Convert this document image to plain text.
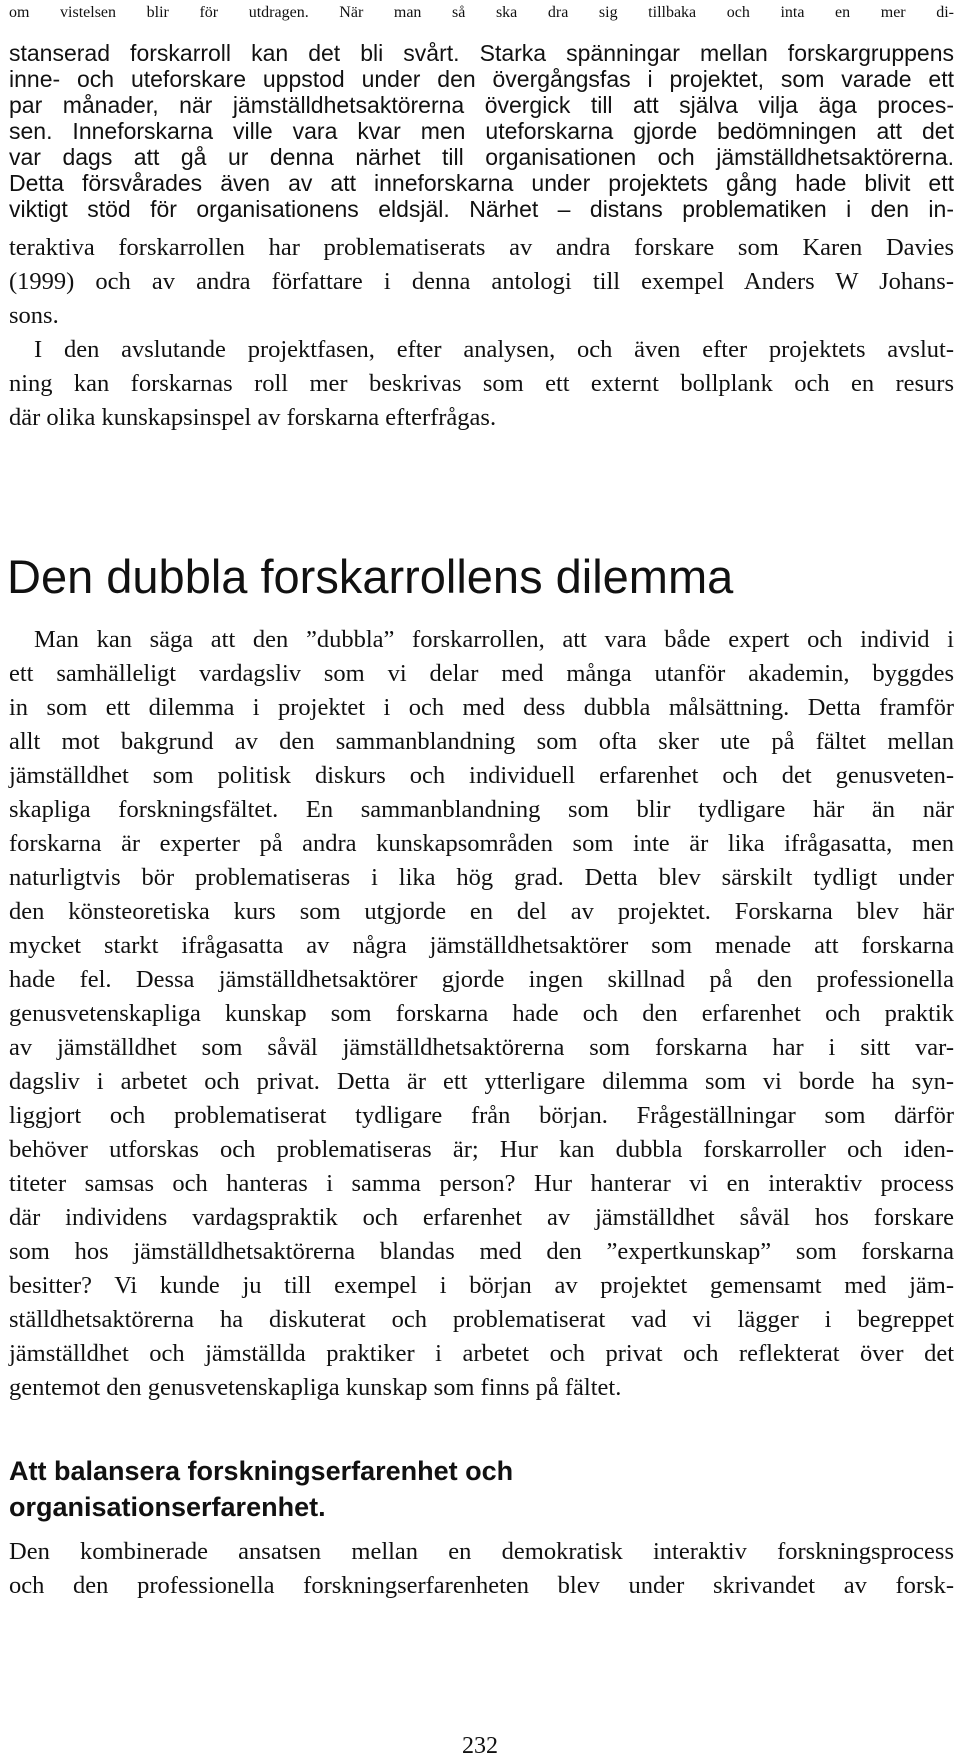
om vistelsen blir för utdragen. När man så ska dra sig tillbaka och inta en mer di-
stanserad forskarroll kan det bli svårt. Starka spänningar mellan forskargruppens
inne- och uteforskare uppstod under den övergångsfas i projektet, som varade ett
par månader, när jämställdhetsaktörerna övergick till att själva vilja äga proces-
sen. Inneforskarna ville vara kvar men uteforskarna gjorde bedömningen att det
var dags att gå ur denna närhet till organisationen och jämställdhetsaktörerna.
Detta försvårades även av att inneforskarna under projektets gång hade blivit ett
viktigt stöd för organisationens eldsjäl. Närhet – distans problematiken i den in-
teraktiva forskarrollen har problematiserats av andra forskare som Karen Davies
(1999) och av andra författare i denna antologi till exempel Anders W Johans-
sons.
I den avslutande projektfasen, efter analysen, och även efter projektets avslut-
ning kan forskarnas roll mer beskrivas som ett externt bollplank och en resurs
där olika kunskapsinspel av forskarna efterfrågas.
Den dubbla forskarrollens dilemma
Man kan säga att den ”dubbla” forskarrollen, att vara både expert och individ i
ett samhälleligt vardagsliv som vi delar med många utanför akademin, byggdes
in som ett dilemma i projektet i och med dess dubbla målsättning. Detta framför
allt mot bakgrund av den sammanblandning som ofta sker ute på fältet mellan
jämställdhet som politisk diskurs och individuell erfarenhet och det genusveten-
skapliga forskningsfältet. En sammanblandning som blir tydligare här än när
forskarna är experter på andra kunskapsområden som inte är lika ifrågasatta, men
naturligtvis bör problematiseras i lika hög grad. Detta blev särskilt tydligt under
den könsteoretiska kurs som utgjorde en del av projektet. Forskarna blev här
mycket starkt ifrågasatta av några jämställdhetsaktörer som menade att forskarna
hade fel. Dessa jämställdhetsaktörer gjorde ingen skillnad på den professionella
genusvetenskapliga kunskap som forskarna hade och den erfarenhet och praktik
av jämställdhet som såväl jämställdhetsaktörerna som forskarna har i sitt var-
dagsliv i arbetet och privat. Detta är ett ytterligare dilemma som vi borde ha syn-
liggjort och problematiserat tydligare från början. Frågeställningar som därför
behöver utforskas och problematiseras är; Hur kan dubbla forskarroller och iden-
titeter samsas och hanteras i samma person? Hur hanterar vi en interaktiv process
där individens vardagspraktik och erfarenhet av jämställdhet såväl hos forskare
som hos jämställdhetsaktörerna blandas med den ”expertkunskap” som forskarna
besitter? Vi kunde ju till exempel i början av projektet gemensamt med jäm-
ställdhetsaktörerna ha diskuterat och problematiserat vad vi lägger i begreppet
jämställdhet och jämställda praktiker i arbetet och privat och reflekterat över det
gentemot den genusvetenskapliga kunskap som finns på fältet.
Att balansera forskningserfarenhet och
organisationserfarenhet.
Den kombinerade ansatsen mellan en demokratisk interaktiv forskningsprocess
och den professionella forskningserfarenheten blev under skrivandet av forsk-
232
